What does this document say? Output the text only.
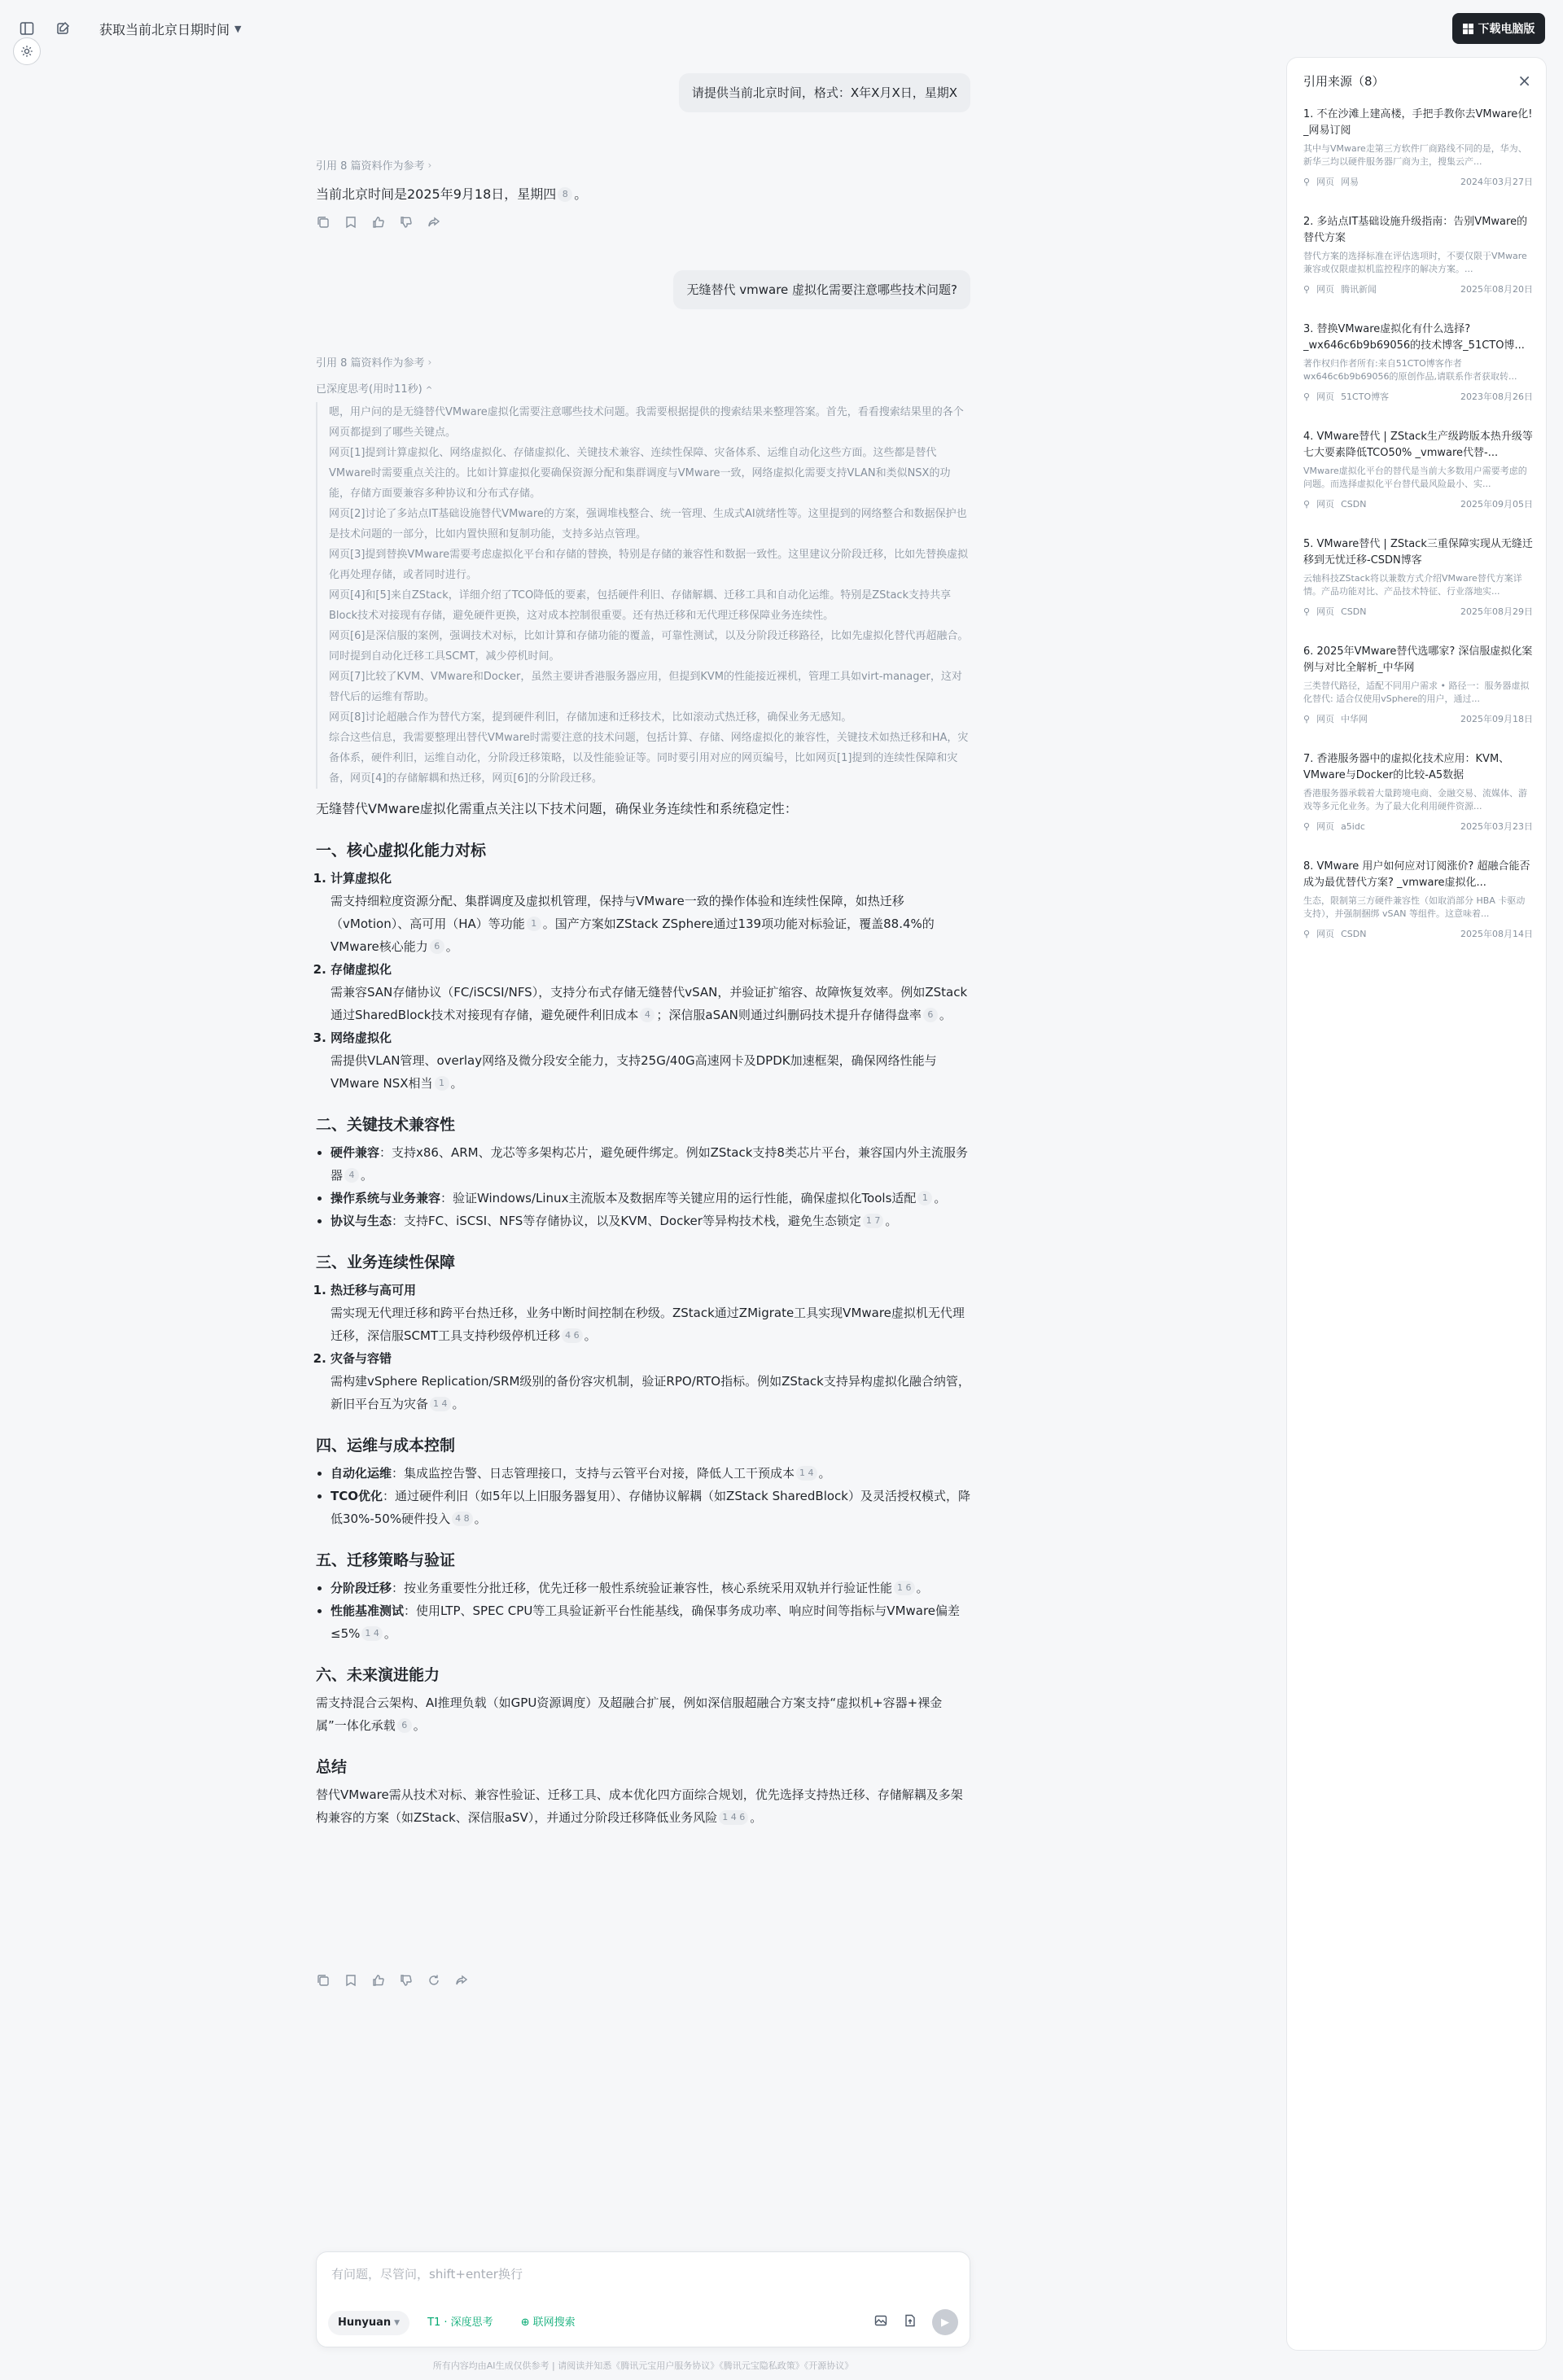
获取当前北京日期时间 ▼	下载电脑版
请提供当前北京时间，格式：X年X月X日，星期X
引用 8 篇资料作为参考 ›
当前北京时间是2025年9月18日，星期四 8 。
无缝替代 vmware 虚拟化需要注意哪些技术问题?
引用 8 篇资料作为参考 ›
已深度思考(用时11秒) ^

嗯，用户问的是无缝替代VMware虚拟化需要注意哪些技术问题。我需要根据提供的搜索结果来整理答案。首先，看看搜索结果里的各个网页都提到了哪些关键点。

网页[1]提到计算虚拟化、网络虚拟化、存储虚拟化、关键技术兼容、连续性保障、灾备体系、运维自动化这些方面。这些都是替代VMware时需要重点关注的。比如计算虚拟化要确保资源分配和集群调度与VMware一致，网络虚拟化需要支持VLAN和类似NSX的功能，存储方面要兼容多种协议和分布式存储。

网页[2]讨论了多站点IT基础设施替代VMware的方案，强调堆栈整合、统一管理、生成式AI就绪性等。这里提到的网络整合和数据保护也是技术问题的一部分，比如内置快照和复制功能，支持多站点管理。

网页[3]提到替换VMware需要考虑虚拟化平台和存储的替换，特别是存储的兼容性和数据一致性。这里建议分阶段迁移，比如先替换虚拟化再处理存储，或者同时进行。

网页[4]和[5]来自ZStack，详细介绍了TCO降低的要素，包括硬件利旧、存储解耦、迁移工具和自动化运维。特别是ZStack支持共享Block技术对接现有存储，避免硬件更换，这对成本控制很重要。还有热迁移和无代理迁移保障业务连续性。

网页[6]是深信服的案例，强调技术对标，比如计算和存储功能的覆盖，可靠性测试，以及分阶段迁移路径，比如先虚拟化替代再超融合。同时提到自动化迁移工具SCMT，减少停机时间。

网页[7]比较了KVM、VMware和Docker，虽然主要讲香港服务器应用，但提到KVM的性能接近裸机，管理工具如virt-manager，这对替代后的运维有帮助。

网页[8]讨论超融合作为替代方案，提到硬件利旧，存储加速和迁移技术，比如滚动式热迁移，确保业务无感知。

综合这些信息，我需要整理出替代VMware时需要注意的技术问题，包括计算、存储、网络虚拟化的兼容性，关键技术如热迁移和HA，灾备体系，硬件利旧，运维自动化，分阶段迁移策略，以及性能验证等。同时要引用对应的网页编号，比如网页[1]提到的连续性保障和灾备，网页[4]的存储解耦和热迁移，网页[6]的分阶段迁移。

无缝替代VMware虚拟化需重点关注以下技术问题，确保业务连续性和系统稳定性：

一、核心虚拟化能力对标
1. 计算虚拟化
需支持细粒度资源分配、集群调度及虚拟机管理，保持与VMware一致的操作体验和连续性保障，如热迁移（vMotion）、高可用（HA）等功能 1 。国产方案如ZStack ZSphere通过139项功能对标验证，覆盖88.4%的VMware核心能力 6 。
2. 存储虚拟化
需兼容SAN存储协议（FC/iSCSI/NFS），支持分布式存储无缝替代vSAN，并验证扩缩容、故障恢复效率。例如ZStack通过SharedBlock技术对接现有存储，避免硬件利旧成本 4 ；深信服aSAN则通过纠删码技术提升存储得盘率 6 。
3. 网络虚拟化
需提供VLAN管理、overlay网络及微分段安全能力，支持25G/40G高速网卡及DPDK加速框架，确保网络性能与VMware NSX相当 1 。
二、关键技术兼容性
• 硬件兼容：支持x86、ARM、龙芯等多架构芯片，避免硬件绑定。例如ZStack支持8类芯片平台，兼容国内外主流服务器 4 。
• 操作系统与业务兼容：验证Windows/Linux主流版本及数据库等关键应用的运行性能，确保虚拟化Tools适配 1 。
• 协议与生态：支持FC、iSCSI、NFS等存储协议，以及KVM、Docker等异构技术栈，避免生态锁定 1 7 。
三、业务连续性保障
1. 热迁移与高可用
需实现无代理迁移和跨平台热迁移，业务中断时间控制在秒级。ZStack通过ZMigrate工具实现VMware虚拟机无代理迁移，深信服SCMT工具支持秒级停机迁移 4 6 。
2. 灾备与容错
需构建vSphere Replication/SRM级别的备份容灾机制，验证RPO/RTO指标。例如ZStack支持异构虚拟化融合纳管，新旧平台互为灾备 1 4 。
四、运维与成本控制
• 自动化运维：集成监控告警、日志管理接口，支持与云管平台对接，降低人工干预成本 1 4 。
• TCO优化：通过硬件利旧（如5年以上旧服务器复用）、存储协议解耦（如ZStack SharedBlock）及灵活授权模式，降低30%-50%硬件投入 4 8 。
五、迁移策略与验证
• 分阶段迁移：按业务重要性分批迁移，优先迁移一般性系统验证兼容性，核心系统采用双轨并行验证性能 1 6 。
• 性能基准测试：使用LTP、SPEC CPU等工具验证新平台性能基线，确保事务成功率、响应时间等指标与VMware偏差≤5% 1 4 。
六、未来演进能力

需支持混合云架构、AI推理负载（如GPU资源调度）及超融合扩展，例如深信服超融合方案支持“虚拟机+容器+裸金属”一体化承载 6 。

总结

替代VMware需从技术对标、兼容性验证、迁移工具、成本优化四方面综合规划，优先选择支持热迁移、存储解耦及多架构兼容的方案（如ZStack、深信服aSV），并通过分阶段迁移降低业务风险 1 4 6 。

有问题，尽管问，shift+enter换行
Hunyuan ▼	T1 · 深度思考	⊕ 联网搜索	▶
所有内容均由AI生成仅供参考 | 请阅读并知悉《腾讯元宝用户服务协议》《腾讯元宝隐私政策》《开源协议》
引用来源（8）	×
1. 不在沙滩上建高楼，手把手教你去VMware化! _网易订阅
其中与VMware走第三方软件厂商路线不同的是，华为、新华三均以硬件服务器厂商为主，搜集云产...
⚲ 网页 网易	2024年03月27日
2. 多站点IT基础设施升级指南：告别VMware的替代方案
替代方案的选择标准在评估选项时，不要仅限于VMware兼容或仅限虚拟机监控程序的解决方案。...
⚲ 网页 腾讯新闻	2025年08月20日
3. 替换VMware虚拟化有什么选择? _wx646c6b9b69056的技术博客_51CTO博...
著作权归作者所有:来自51CTO博客作者wx646c6b9b69056的原创作品,请联系作者获取转...
⚲ 网页 51CTO博客	2023年08月26日
4. VMware替代 | ZStack生产级跨版本热升级等七大要素降低TCO50% _vmware代替-...
VMware虚拟化平台的替代是当前大多数用户需要考虑的问题。而选择虚拟化平台替代最风险最小、实...
⚲ 网页 CSDN	2025年09月05日
5. VMware替代 | ZStack三重保障实现从无缝迁移到无忧迁移-CSDN博客
云轴科技ZStack将以兼数方式介绍VMware替代方案详情。产品功能对比、产品技术特征、行业落地实...
⚲ 网页 CSDN	2025年08月29日
6. 2025年VMware替代选哪家? 深信服虚拟化案例与对比全解析_中华网
三类替代路径，适配不同用户需求 • 路径一：服务器虚拟化替代: 适合仅使用vSphere的用户，通过...
⚲ 网页 中华网	2025年09月18日
7. 香港服务器中的虚拟化技术应用：KVM、VMware与Docker的比较-A5数据
香港服务器承载着大量跨境电商、金融交易、流媒体、游戏等多元化业务。为了最大化利用硬件资源...
⚲ 网页 a5idc	2025年03月23日
8. VMware 用户如何应对订阅涨价? 超融合能否成为最优替代方案? _vmware虚拟化...
生态，限制第三方硬件兼容性（如取消部分 HBA 卡驱动支持），并强制捆绑 vSAN 等组件。这意味着...
⚲ 网页 CSDN	2025年08月14日
